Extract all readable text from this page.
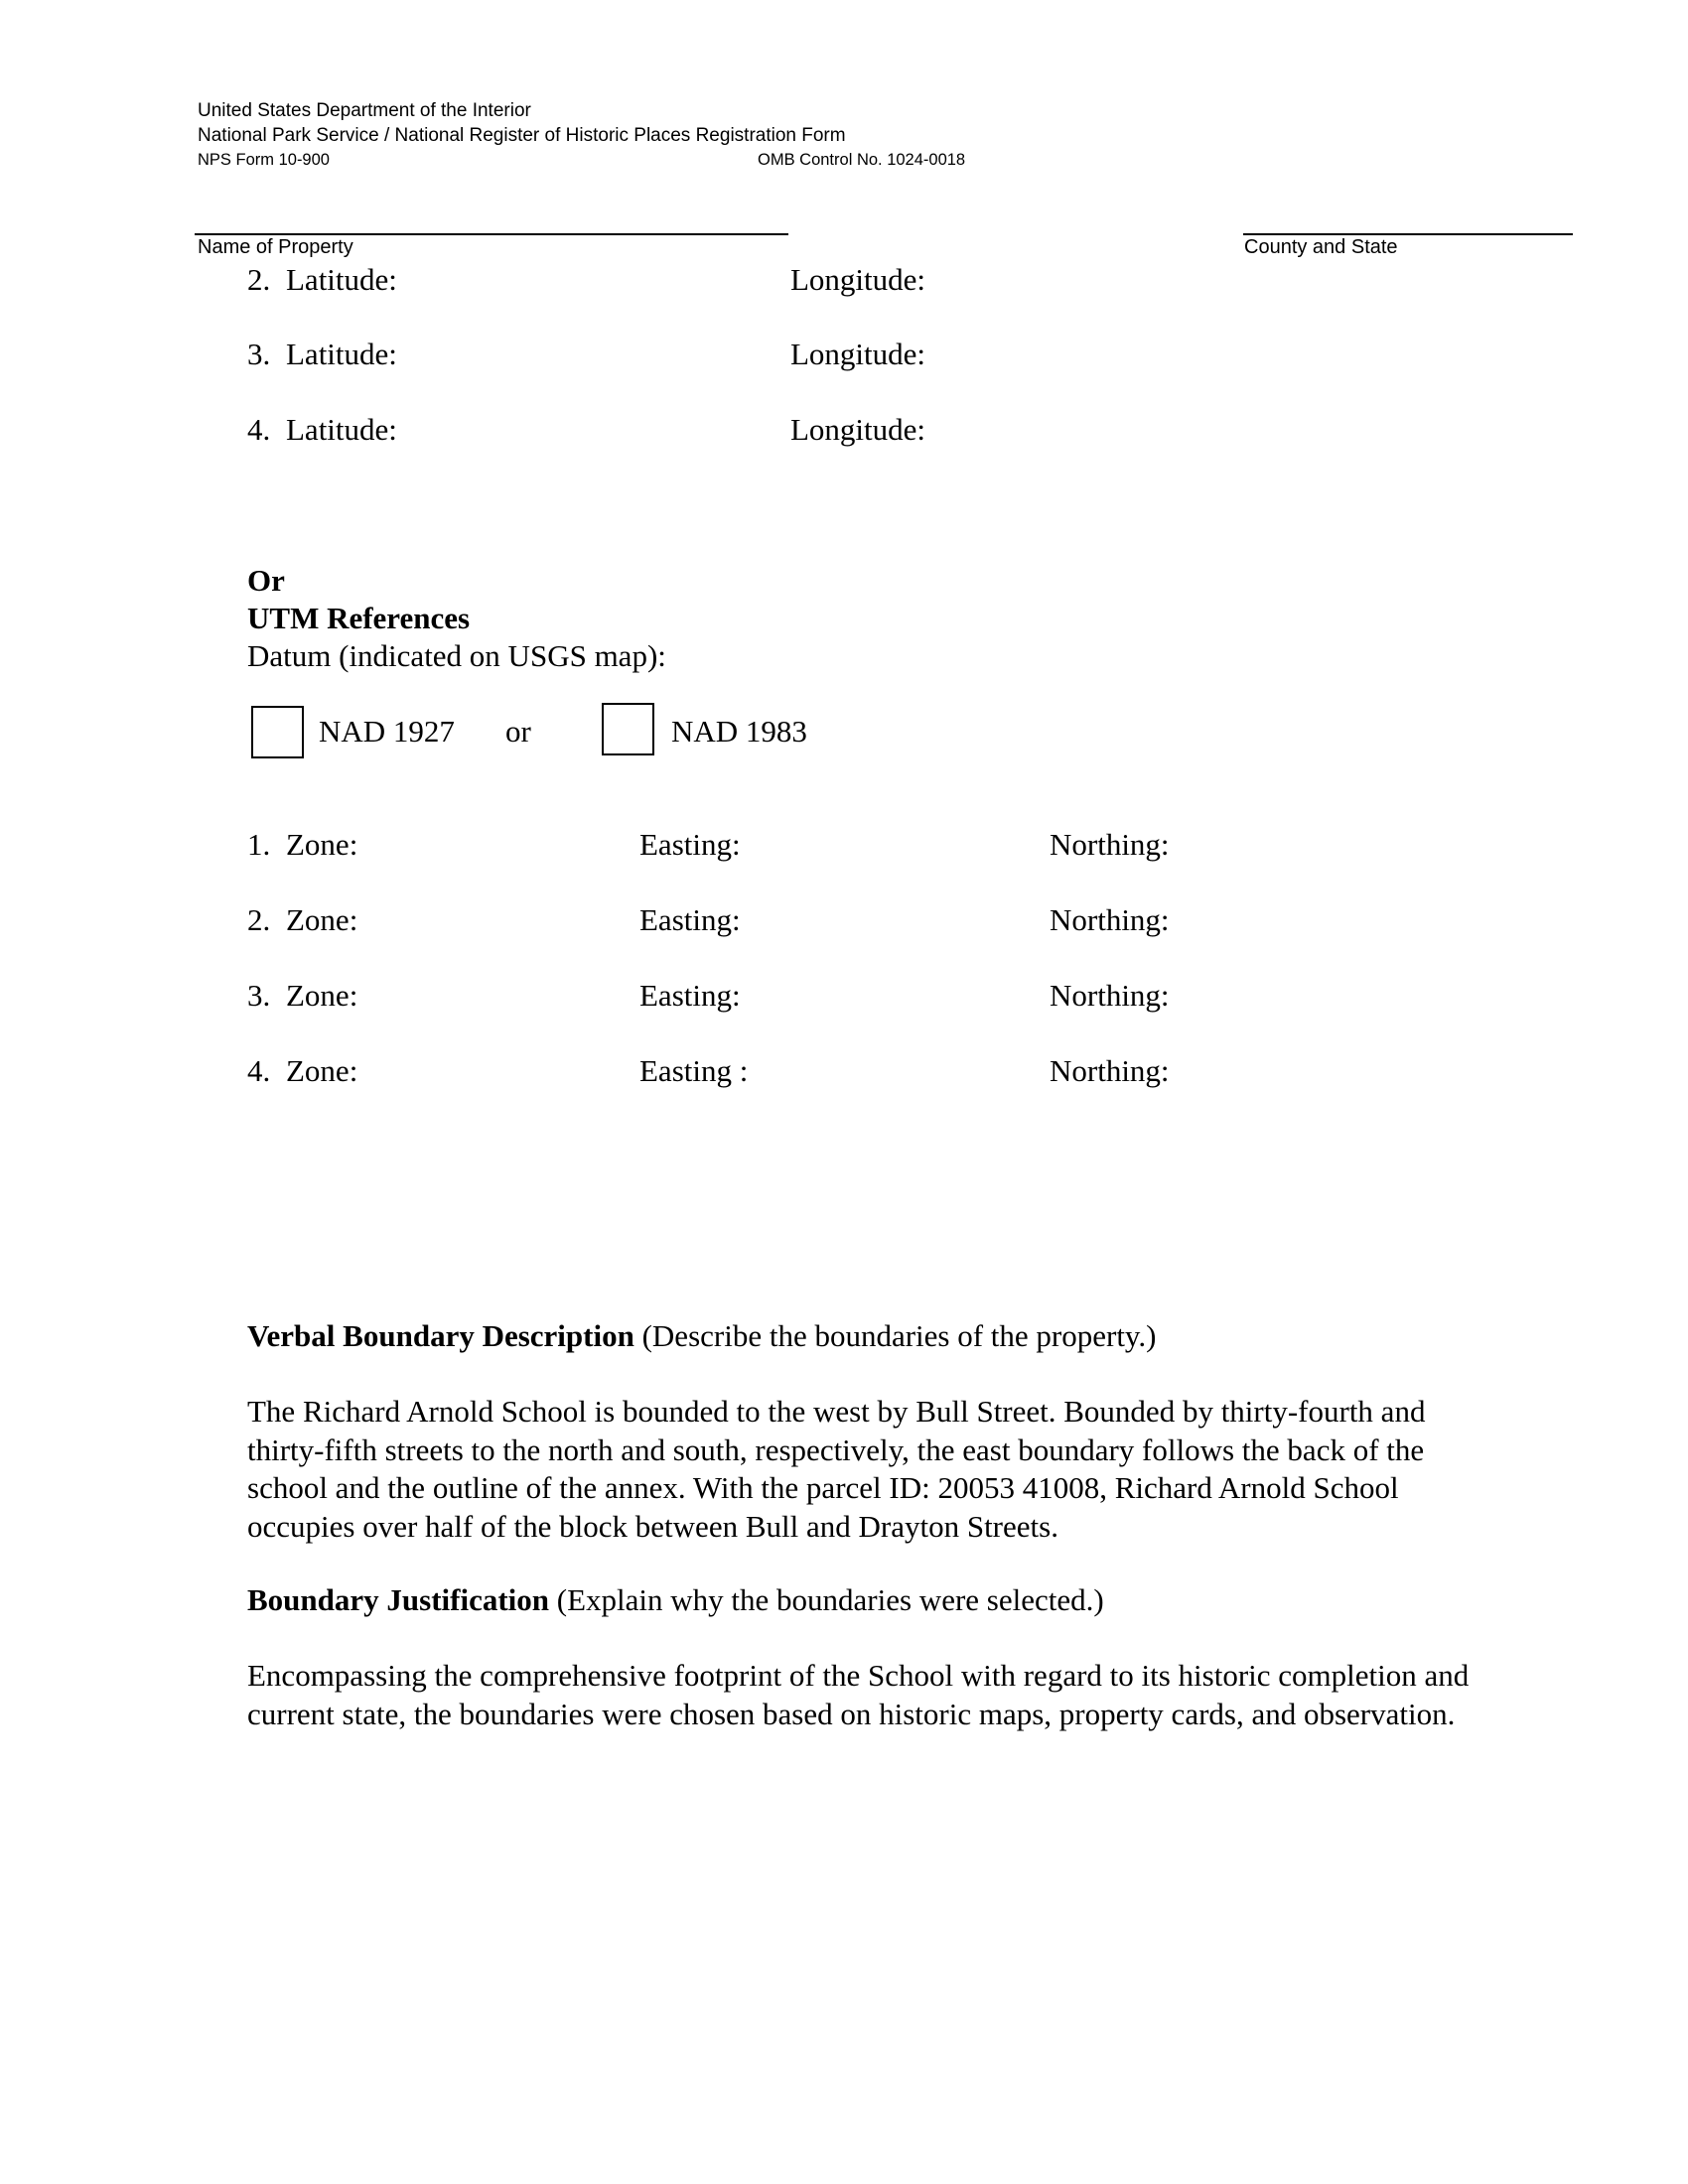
United States Department of the Interior
National Park Service / National Register of Historic Places Registration Form
NPS Form 10-900	OMB Control No. 1024-0018
Name of Property	County and State
2. Latitude:	Longitude:
3. Latitude:	Longitude:
4. Latitude:	Longitude:
Or
UTM References
Datum (indicated on USGS map):
NAD 1927 or	NAD 1983
1. Zone:	Easting:	Northing:
2. Zone:	Easting:	Northing:
3. Zone:	Easting:	Northing:
4. Zone:	Easting :	Northing:
Verbal Boundary Description (Describe the boundaries of the property.)
The Richard Arnold School is bounded to the west by Bull Street. Bounded by thirty-fourth and thirty-fifth streets to the north and south, respectively, the east boundary follows the back of the school and the outline of the annex. With the parcel ID: 20053 41008, Richard Arnold School occupies over half of the block between Bull and Drayton Streets.
Boundary Justification (Explain why the boundaries were selected.)
Encompassing the comprehensive footprint of the School with regard to its historic completion and current state, the boundaries were chosen based on historic maps, property cards, and observation.
